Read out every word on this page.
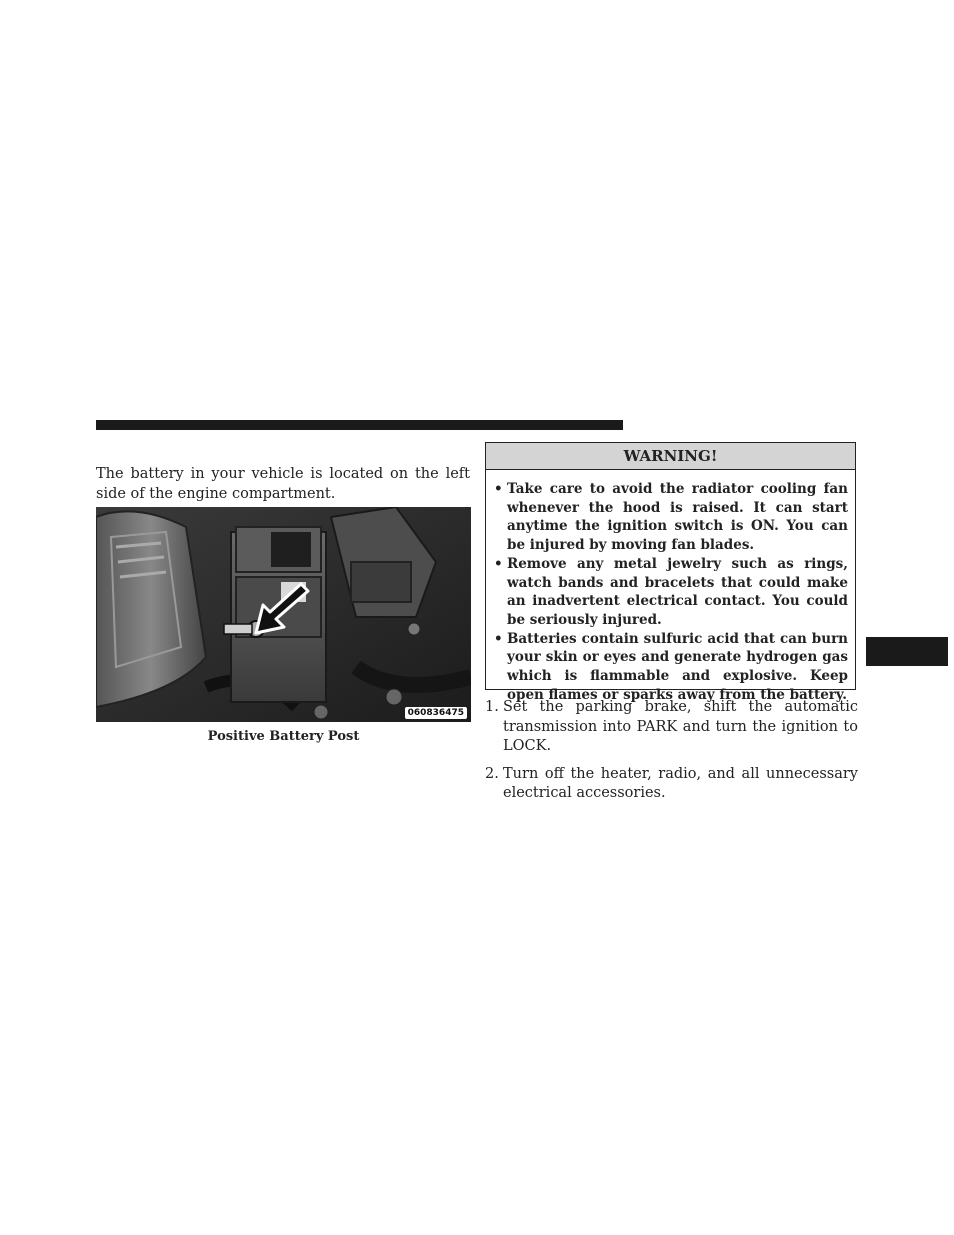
The battery in your vehicle is located on the left side of the engine compartment.

060836475
Positive Battery Post
WARNING!
• Take care to avoid the radiator cooling fan whenever the hood is raised. It can start anytime the ignition switch is ON. You can be injured by moving fan blades.
• Remove any metal jewelry such as rings, watch bands and bracelets that could make an inadvertent electrical contact. You could be seriously injured.
• Batteries contain sulfuric acid that can burn your skin or eyes and generate hydrogen gas which is flammable and explosive. Keep open flames or sparks away from the battery.
1. Set the parking brake, shift the automatic transmission into PARK and turn the ignition to LOCK.
2. Turn off the heater, radio, and all unnecessary electrical accessories.
